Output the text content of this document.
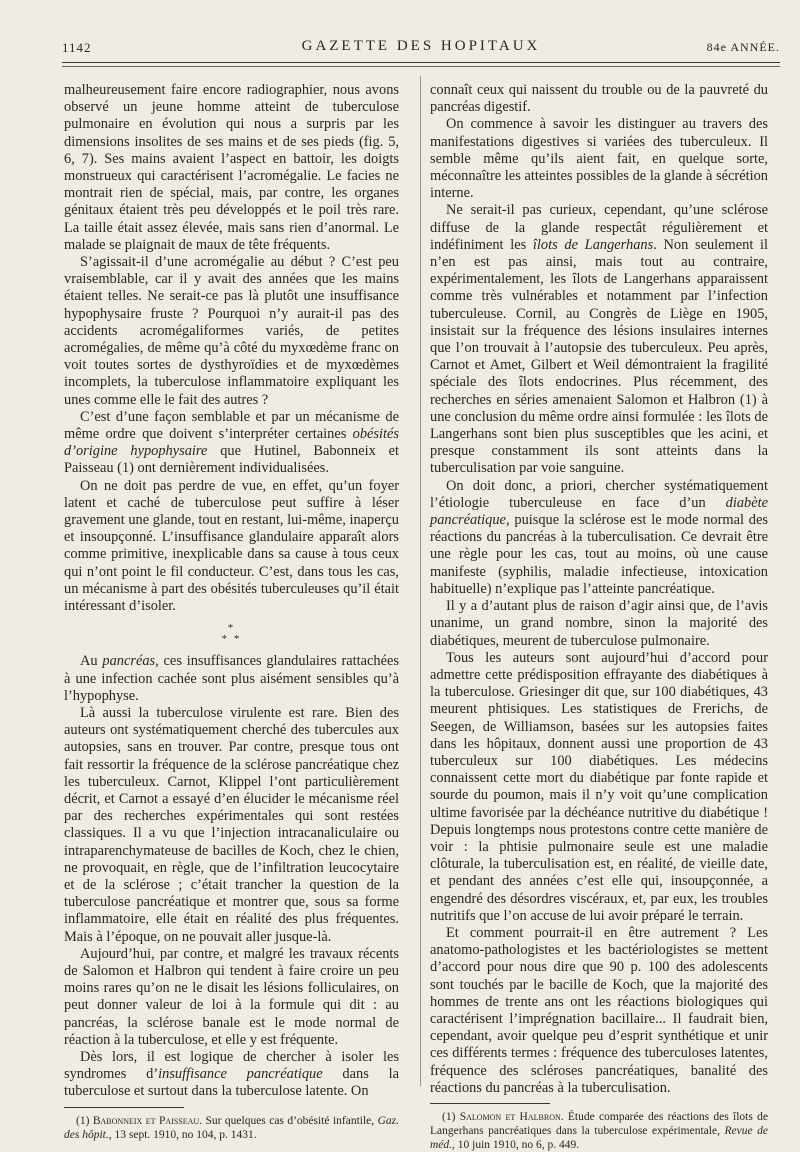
1142	GAZETTE DES HOPITAUX	84e ANNÉE.

malheureusement faire encore radiographier, nous avons observé un jeune homme atteint de tuberculose pulmonaire en évolution qui nous a surpris par les dimensions insolites de ses mains et de ses pieds (fig. 5, 6, 7). Ses mains avaient l’aspect en battoir, les doigts monstrueux qui caractérisent l’acromégalie. Le facies ne montrait rien de spécial, mais, par contre, les organes génitaux étaient très peu développés et le poil très rare. La taille était assez élevée, mais sans rien d’anormal. Le malade se plaignait de maux de tête fréquents.

S’agissait-il d’une acromégalie au début ? C’est peu vraisemblable, car il y avait des années que les mains étaient telles. Ne serait-ce pas là plutôt une insuffisance hypophysaire fruste ? Pourquoi n’y aurait-il pas des accidents acromégaliformes variés, de petites acromégalies, de même qu’à côté du myxœdème franc on voit toutes sortes de dysthyroïdies et de myxœdèmes incomplets, la tuberculose inflammatoire expliquant les unes comme elle le fait des autres ?

C’est d’une façon semblable et par un mécanisme de même ordre que doivent s’interpréter certaines obésités d’origine hypophysaire que Hutinel, Babonneix et Paisseau (1) ont dernièrement individualisées.

On ne doit pas perdre de vue, en effet, qu’un foyer latent et caché de tuberculose peut suffire à léser gravement une glande, tout en restant, lui-même, inaperçu et insoupçonné. L’insuffisance glandulaire apparaît alors comme primitive, inexplicable dans sa cause à tous ceux qui n’ont point le fil conducteur. C’est, dans tous les cas, un mécanisme à part des obésités tuberculeuses qu’il était intéressant d’isoler.

*
* *

Au pancréas, ces insuffisances glandulaires rattachées à une infection cachée sont plus aisément sensibles qu’à l’hypophyse.

Là aussi la tuberculose virulente est rare. Bien des auteurs ont systématiquement cherché des tubercules aux autopsies, sans en trouver. Par contre, presque tous ont fait ressortir la fréquence de la sclérose pancréatique chez les tuberculeux. Carnot, Klippel l’ont particulièrement décrit, et Carnot a essayé d’en élucider le mécanisme réel par des recherches expérimentales qui sont restées classiques. Il a vu que l’injection intracanaliculaire ou intraparenchymateuse de bacilles de Koch, chez le chien, ne provoquait, en règle, que de l’infiltration leucocytaire et de la sclérose ; c’était trancher la question de la tuberculose pancréatique et montrer que, sous sa forme inflammatoire, elle était en réalité des plus fréquentes. Mais à l’époque, on ne pouvait aller jusque-là.

Aujourd’hui, par contre, et malgré les travaux récents de Salomon et Halbron qui tendent à faire croire un peu moins rares qu’on ne le disait les lésions folliculaires, on peut donner valeur de loi à la formule qui dit : au pancréas, la sclérose banale est le mode normal de réaction à la tuberculose, et elle y est fréquente.

Dès lors, il est logique de chercher à isoler les syndromes d’insuffisance pancréatique dans la tuberculose et surtout dans la tuberculose latente. On

(1) Babonneix et Paisseau. Sur quelques cas d’obésité infantile, Gaz. des hôpit., 13 sept. 1910, no 104, p. 1431.

connaît ceux qui naissent du trouble ou de la pauvreté du pancréas digestif.

On commence à savoir les distinguer au travers des manifestations digestives si variées des tuberculeux. Il semble même qu’ils aient fait, en quelque sorte, méconnaître les atteintes possibles de la glande à sécrétion interne.

Ne serait-il pas curieux, cependant, qu’une sclérose diffuse de la glande respectât régulièrement et indéfiniment les îlots de Langerhans. Non seulement il n’en est pas ainsi, mais tout au contraire, expérimentalement, les îlots de Langerhans apparaissent comme très vulnérables et notamment par l’infection tuberculeuse. Cornil, au Congrès de Liège en 1905, insistait sur la fréquence des lésions insulaires internes que l’on trouvait à l’autopsie des tuberculeux. Peu après, Carnot et Amet, Gilbert et Weil démontraient la fragilité spéciale des îlots endocrines. Plus récemment, des recherches en séries amenaient Salomon et Halbron (1) à une conclusion du même ordre ainsi formulée : les îlots de Langerhans sont bien plus susceptibles que les acini, et presque constamment ils sont atteints dans la tuberculisation par voie sanguine.

On doit donc, a priori, chercher systématiquement l’étiologie tuberculeuse en face d’un diabète pancréatique, puisque la sclérose est le mode normal des réactions du pancréas à la tuberculisation. Ce devrait être une règle pour les cas, tout au moins, où une cause manifeste (syphilis, maladie infectieuse, intoxication habituelle) n’explique pas l’atteinte pancréatique.

Il y a d’autant plus de raison d’agir ainsi que, de l’avis unanime, un grand nombre, sinon la majorité des diabétiques, meurent de tuberculose pulmonaire.

Tous les auteurs sont aujourd’hui d’accord pour admettre cette prédisposition effrayante des diabétiques à la tuberculose. Griesinger dit que, sur 100 diabétiques, 43 meurent phtisiques. Les statistiques de Frerichs, de Seegen, de Williamson, basées sur les autopsies faites dans les hôpitaux, donnent aussi une proportion de 43 tuberculeux sur 100 diabétiques. Les médecins connaissent cette mort du diabétique par fonte rapide et sourde du poumon, mais il n’y voit qu’une complication ultime favorisée par la déchéance nutritive du diabétique ! Depuis longtemps nous protestons contre cette manière de voir : la phtisie pulmonaire seule est une maladie clôturale, la tuberculisation est, en réalité, de vieille date, et pendant des années c’est elle qui, insoupçonnée, a engendré des désordres viscéraux, et, par eux, les troubles nutritifs que l’on accuse de lui avoir préparé le terrain.

Et comment pourrait-il en être autrement ? Les anatomo-pathologistes et les bactériologistes se mettent d’accord pour nous dire que 90 p. 100 des adolescents sont touchés par le bacille de Koch, que la majorité des hommes de trente ans ont les réactions biologiques qui caractérisent l’imprégnation bacillaire... Il faudrait bien, cependant, avoir quelque peu d’esprit synthétique et unir ces différents termes : fréquence des tuberculoses latentes, fréquence des scléroses pancréatiques, banalité des réactions du pancréas à la tuberculisation.

(1) Salomon et Halbron. Étude comparée des réactions des îlots de Langerhans pancréatiques dans la tuberculose expérimentale, Revue de méd., 10 juin 1910, no 6, p. 449.
